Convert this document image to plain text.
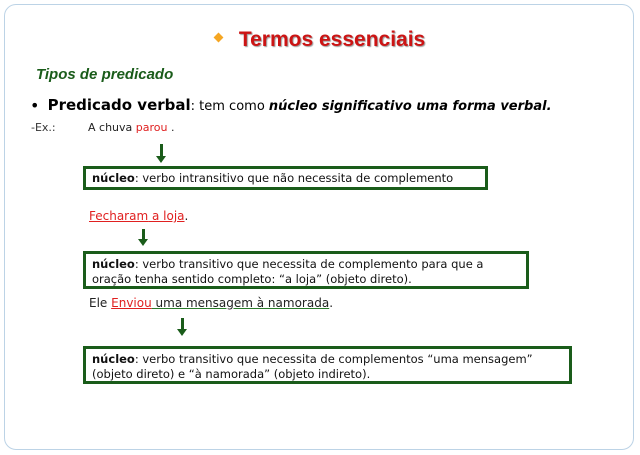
Termos essenciais
Tipos de predicado
• Predicado verbal: tem como núcleo significativo uma forma verbal.
-Ex.:	A chuva parou .
núcleo: verbo intransitivo que não necessita de complemento
Fecharam a loja.
núcleo: verbo transitivo que necessita de complemento para que a oração tenha sentido completo: “a loja” (objeto direto).
Ele Enviou uma mensagem à namorada.
núcleo: verbo transitivo que necessita de complementos “uma mensagem” (objeto direto) e “à namorada” (objeto indireto).
